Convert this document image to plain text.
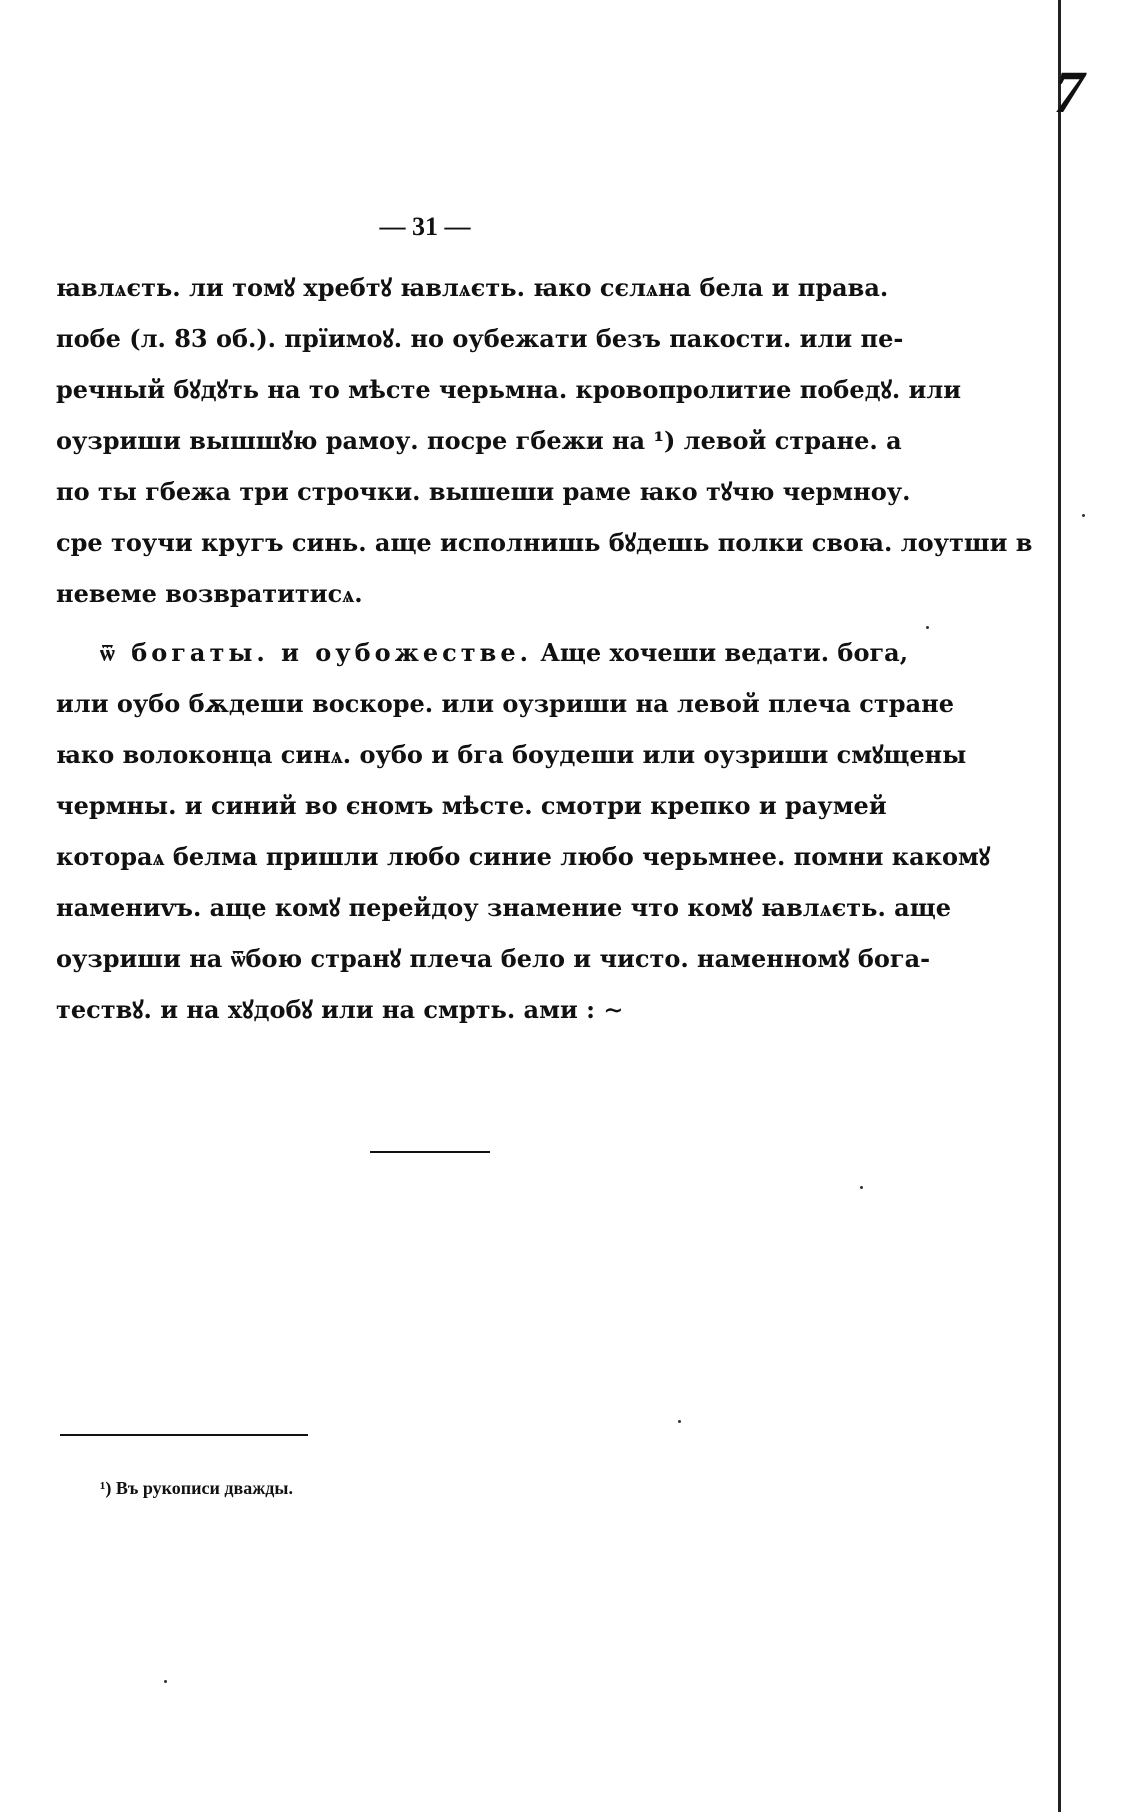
7
— 31 —
ꙗвлѧєть. ли томꙋ хребтꙋ ꙗвлѧєть. ꙗко сєлѧна бела и права.
побе (л. 83 об.). прїимоꙋ. но оубежати безъ пакости. или пе-
речный бꙋдꙋть на то мѣсте черьмна. кровопролитие победꙋ. или
оузриши вышшꙋю рамоу. посре гбежи на ¹) левой стране. а
по ты гбежа три строчки. вышеши раме ꙗко тꙋчю чермноу.
сре тоучи кругъ синь. аще исполнишь бꙋдешь полки своꙗ. лоутши в
невеме возвратитисѧ.
ѿ богаты. и оубожестве. Аще хочеши ведати. бога,
или оубо бѫдеши воскоре. или оузриши на левой плеча стране
ꙗко волоконца синѧ. оубо и бга боудеши или оузриши смꙋщены
чермны. и синий во єномъ мѣсте. смотри крепко и раумей
котораѧ белма пришли любо синие любо черьмнее. помни какомꙋ
намениvъ. аще комꙋ перейдоу знамение что комꙋ ꙗвлѧєть. аще
оузриши на ѿбою странꙋ плеча бело и чисто. наменномꙋ бога-
тествꙋ. и на хꙋдобꙋ или на смрть. ами : ∼
¹) Въ рукописи дважды.
